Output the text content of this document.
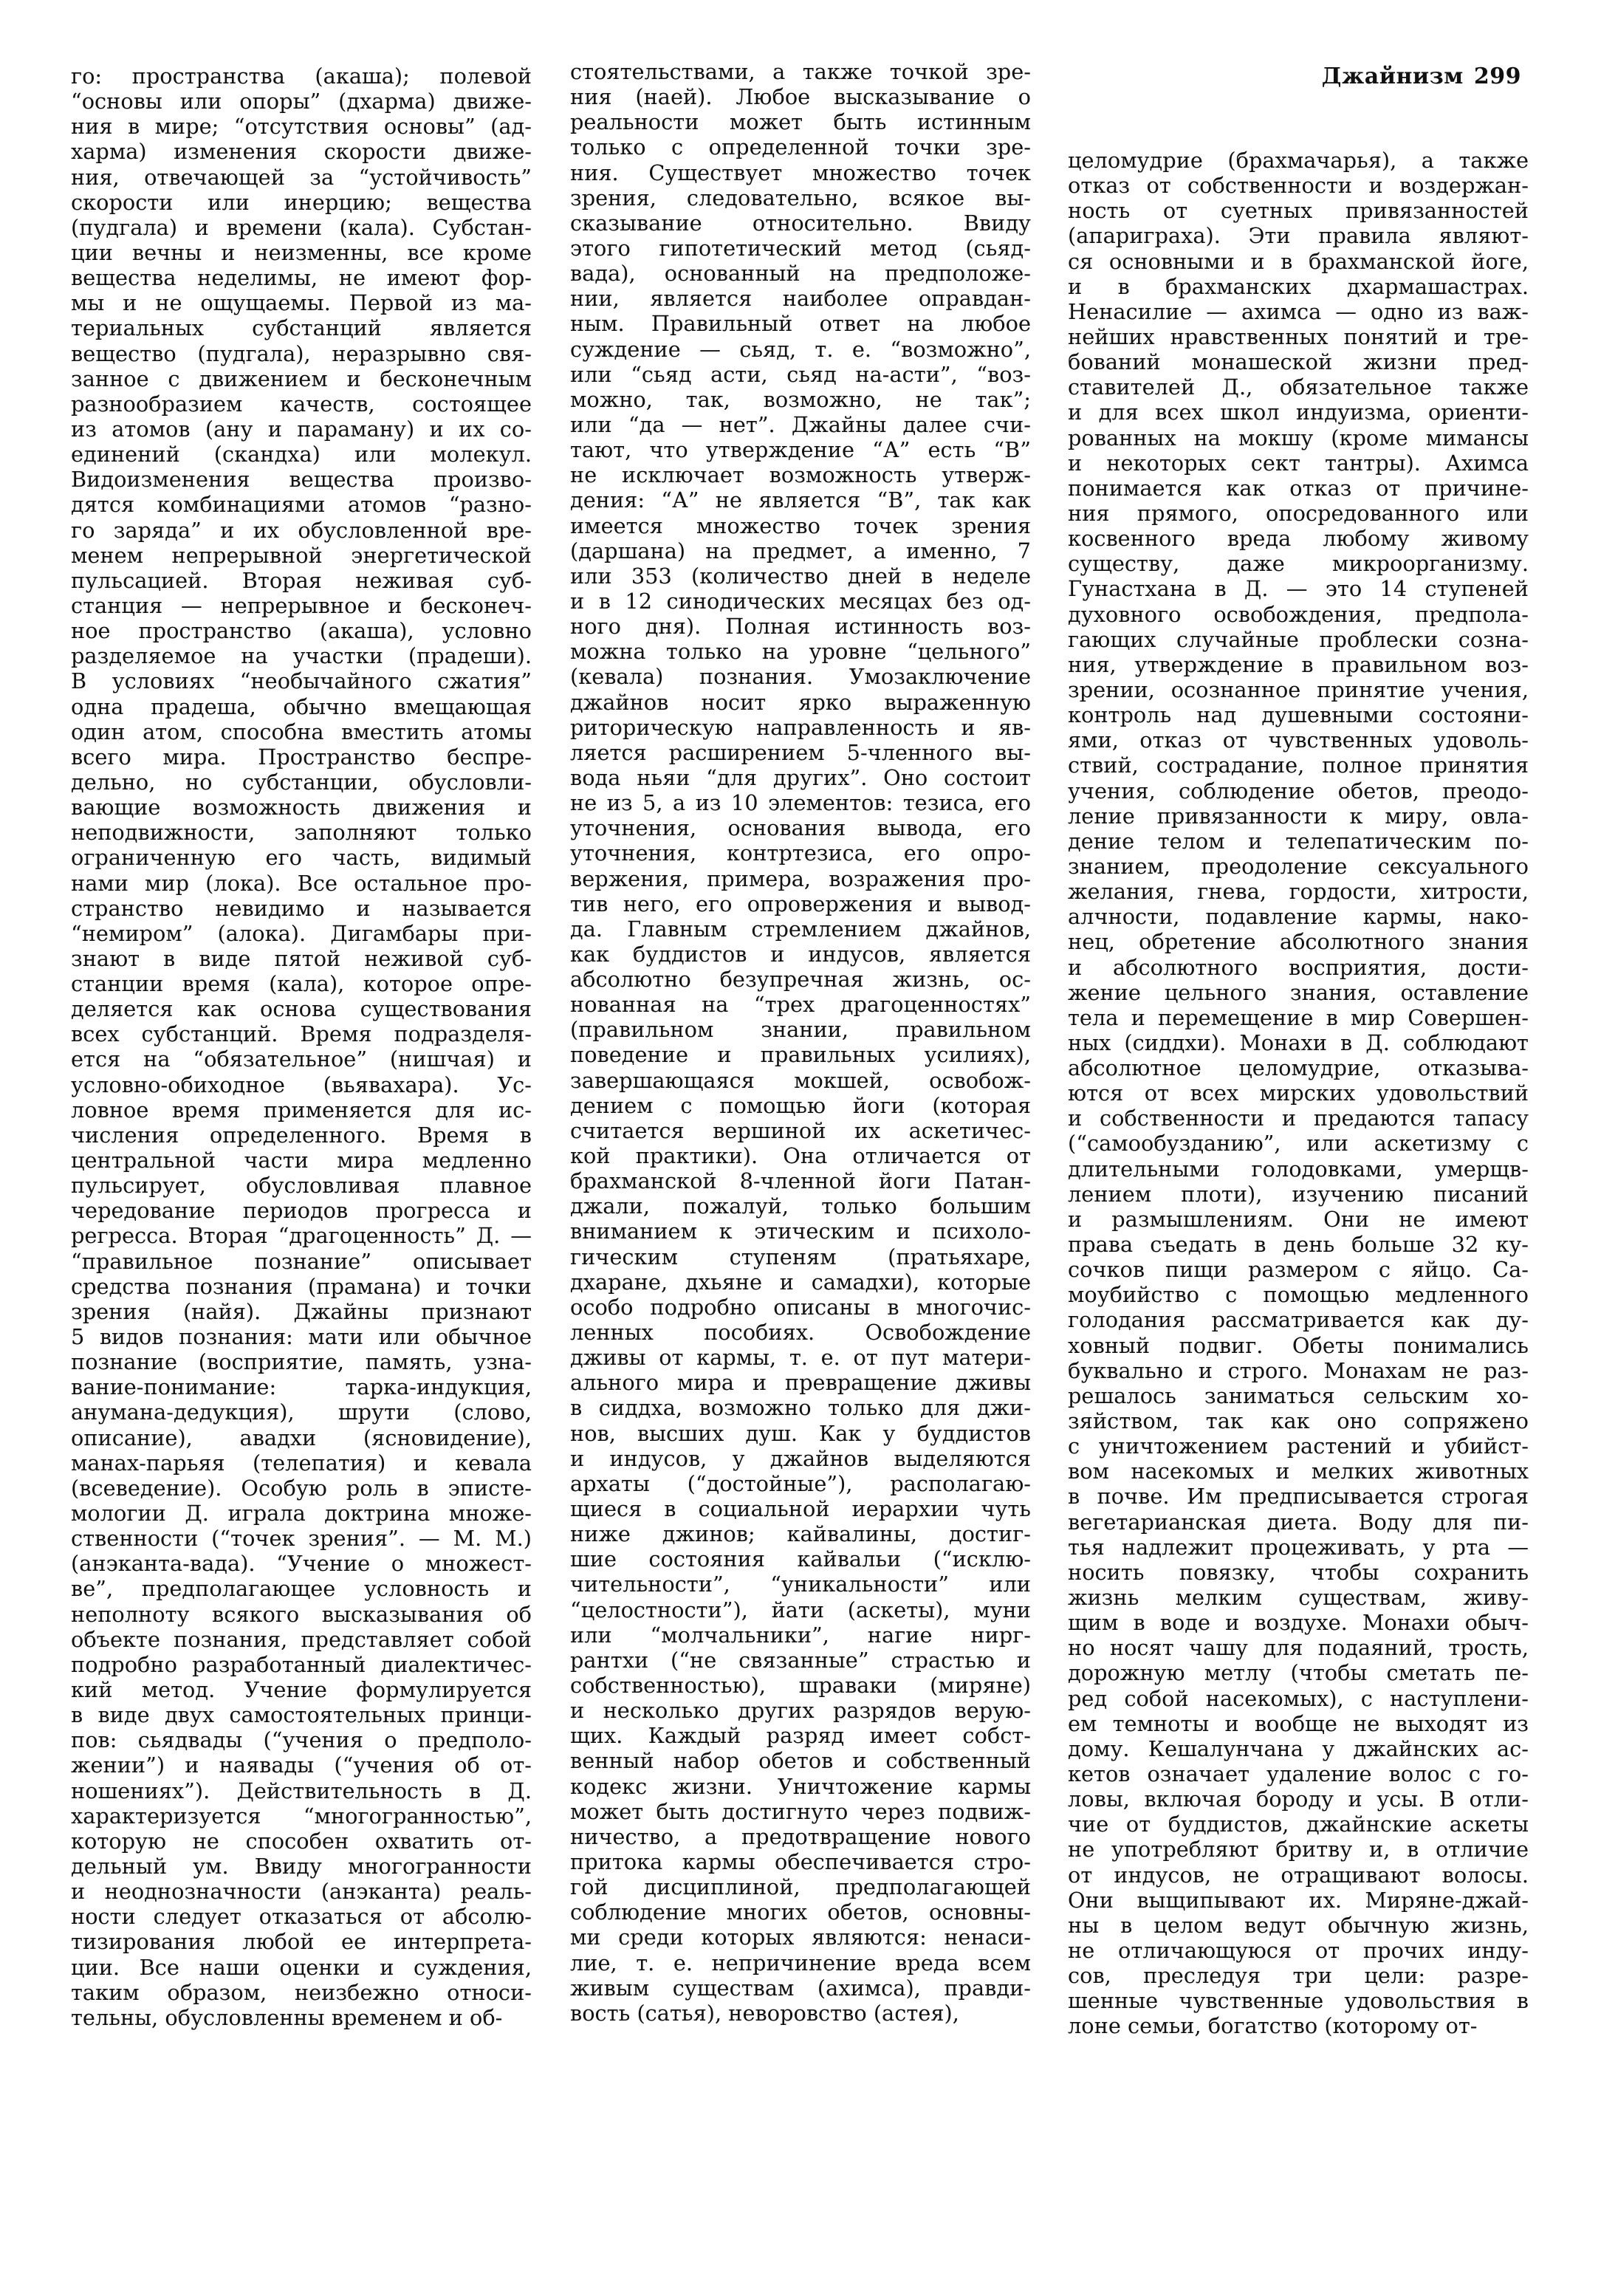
Джайнизм 299
го: пространства (акаша); полевой
“основы или опоры” (дхарма) движе-
ния в мире; “отсутствия основы” (ад-
харма) изменения скорости движе-
ния, отвечающей за “устойчивость”
скорости или инерцию; вещества
(пудгала) и времени (кала). Субстан-
ции вечны и неизменны, все кроме
вещества неделимы, не имеют фор-
мы и не ощущаемы. Первой из ма-
териальных субстанций является
вещество (пудгала), неразрывно свя-
занное с движением и бесконечным
разнообразием качеств, состоящее
из атомов (ану и параману) и их со-
единений (скандха) или молекул.
Видоизменения вещества произво-
дятся комбинациями атомов “разно-
го заряда” и их обусловленной вре-
менем непрерывной энергетической
пульсацией. Вторая неживая суб-
станция — непрерывное и бесконеч-
ное пространство (акаша), условно
разделяемое на участки (прадеши).
В условиях “необычайного сжатия”
одна прадеша, обычно вмещающая
один атом, способна вместить атомы
всего мира. Пространство беспре-
дельно, но субстанции, обусловли-
вающие возможность движения и
неподвижности, заполняют только
ограниченную его часть, видимый
нами мир (лока). Все остальное про-
странство невидимо и называется
“немиром” (алока). Дигамбары при-
знают в виде пятой неживой суб-
станции время (кала), которое опре-
деляется как основа существования
всех субстанций. Время подразделя-
ется на “обязательное” (нишчая) и
условно-обиходное (вьявахара). Ус-
ловное время применяется для ис-
числения определенного. Время в
центральной части мира медленно
пульсирует, обусловливая плавное
чередование периодов прогресса и
регресса. Вторая “драгоценность” Д. —
“правильное познание” описывает
средства познания (прамана) и точки
зрения (найя). Джайны признают
5 видов познания: мати или обычное
познание (восприятие, память, узна-
вание-понимание: тарка-индукция,
анумана-дедукция), шрути (слово,
описание), авадхи (ясновидение),
манах-парьяя (телепатия) и кевала
(всеведение). Особую роль в эписте-
мологии Д. играла доктрина множе-
ственности (“точек зрения”. — М. М.)
(анэканта-вада). “Учение о множест-
ве”, предполагающее условность и
неполноту всякого высказывания об
объекте познания, представляет собой
подробно разработанный диалектичес-
кий метод. Учение формулируется
в виде двух самостоятельных принци-
пов: сьядвады (“учения о предполо-
жении”) и наявады (“учения об от-
ношениях”). Действительность в Д.
характеризуется “многогранностью”,
которую не способен охватить от-
дельный ум. Ввиду многогранности
и неоднозначности (анэканта) реаль-
ности следует отказаться от абсолю-
тизирования любой ее интерпрета-
ции. Все наши оценки и суждения,
таким образом, неизбежно относи-
тельны, обусловленны временем и об-
стоятельствами, а также точкой зре-
ния (наей). Любое высказывание о
реальности может быть истинным
только с определенной точки зре-
ния. Существует множество точек
зрения, следовательно, всякое вы-
сказывание относительно. Ввиду
этого гипотетический метод (сьяд-
вада), основанный на предположе-
нии, является наиболее оправдан-
ным. Правильный ответ на любое
суждение — сьяд, т. е. “возможно”,
или “сьяд асти, сьяд на-асти”, “воз-
можно, так, возможно, не так”;
или “да — нет”. Джайны далее счи-
тают, что утверждение “А” есть “В”
не исключает возможность утверж-
дения: “А” не является “В”, так как
имеется множество точек зрения
(даршана) на предмет, а именно, 7
или 353 (количество дней в неделе
и в 12 синодических месяцах без од-
ного дня). Полная истинность воз-
можна только на уровне “цельного”
(кевала) познания. Умозаключение
джайнов носит ярко выраженную
риторическую направленность и яв-
ляется расширением 5-членного вы-
вода ньяи “для других”. Оно состоит
не из 5, а из 10 элементов: тезиса, его
уточнения, основания вывода, его
уточнения, контртезиса, его опро-
вержения, примера, возражения про-
тив него, его опровержения и вывод-
да. Главным стремлением джайнов,
как буддистов и индусов, является
абсолютно безупречная жизнь, ос-
нованная на “трех драгоценностях”
(правильном знании, правильном
поведение и правильных усилиях),
завершающаяся мокшей, освобож-
дением с помощью йоги (которая
считается вершиной их аскетичес-
кой практики). Она отличается от
брахманской 8-членной йоги Патан-
джали, пожалуй, только большим
вниманием к этическим и психоло-
гическим ступеням (пратьяхаре,
дхаране, дхьяне и самадхи), которые
особо подробно описаны в многочис-
ленных пособиях. Освобождение
дживы от кармы, т. е. от пут матери-
ального мира и превращение дживы
в сиддха, возможно только для джи-
нов, высших душ. Как у буддистов
и индусов, у джайнов выделяются
архаты (“достойные”), располагаю-
щиеся в социальной иерархии чуть
ниже джинов; кайвалины, достиг-
шие состояния кайвальи (“исклю-
чительности”, “уникальности” или
“целостности”), йати (аскеты), муни
или “молчальники”, нагие нирг-
рантхи (“не связанные” страстью и
собственностью), шраваки (миряне)
и несколько других разрядов верую-
щих. Каждый разряд имеет собст-
венный набор обетов и собственный
кодекс жизни. Уничтожение кармы
может быть достигнуто через подвиж-
ничество, а предотвращение нового
притока кармы обеспечивается стро-
гой дисциплиной, предполагающей
соблюдение многих обетов, основны-
ми среди которых являются: ненаси-
лие, т. е. непричинение вреда всем
живым существам (ахимса), правди-
вость (сатья), неворовство (астея),
целомудрие (брахмачарья), а также
отказ от собственности и воздержан-
ность от суетных привязанностей
(апариграха). Эти правила являют-
ся основными и в брахманской йоге,
и в брахманских дхармашастрах.
Ненасилие — ахимса — одно из важ-
нейших нравственных понятий и тре-
бований монашеской жизни пред-
ставителей Д., обязательное также
и для всех школ индуизма, ориенти-
рованных на мокшу (кроме миманcы
и некоторых сект тантры). Ахимса
понимается как отказ от причине-
ния прямого, опосредованного или
косвенного вреда любому живому
существу, даже микроорганизму.
Гунастхана в Д. — это 14 ступеней
духовного освобождения, предпола-
гающих случайные проблески созна-
ния, утверждение в правильном воз-
зрении, осознанное принятие учения,
контроль над душевными состояни-
ями, отказ от чувственных удоволь-
ствий, сострадание, полное принятия
учения, соблюдение обетов, преодо-
ление привязанности к миру, овла-
дение телом и телепатическим по-
знанием, преодоление сексуального
желания, гнева, гордости, хитрости,
алчности, подавление кармы, нако-
нец, обретение абсолютного знания
и абсолютного восприятия, дости-
жение цельного знания, оставление
тела и перемещение в мир Совершен-
ных (сиддхи). Монахи в Д. соблюдают
абсолютное целомудрие, отказыва-
ются от всех мирских удовольствий
и собственности и предаются тапасу
(“самообузданию”, или аскетизму с
длительными голодовками, умерщв-
лением плоти), изучению писаний
и размышлениям. Они не имеют
права съедать в день больше 32 ку-
сочков пищи размером с яйцо. Са-
моубийство с помощью медленного
голодания рассматривается как ду-
ховный подвиг. Обеты понимались
буквально и строго. Монахам не раз-
решалось заниматься сельским хо-
зяйством, так как оно сопряжено
с уничтожением растений и убийст-
вом насекомых и мелких животных
в почве. Им предписывается строгая
вегетарианская диета. Воду для пи-
тья надлежит процеживать, у рта —
носить повязку, чтобы сохранить
жизнь мелким существам, живу-
щим в воде и воздухе. Монахи обыч-
но носят чашу для подаяний, трость,
дорожную метлу (чтобы сметать пе-
ред собой насекомых), с наступлени-
ем темноты и вообще не выходят из
дому. Кешалунчана у джайнских ас-
кетов означает удаление волос с го-
ловы, включая бороду и усы. В отли-
чие от буддистов, джайнские аскеты
не употребляют бритву и, в отличие
от индусов, не отращивают волосы.
Они выщипывают их. Миряне-джай-
ны в целом ведут обычную жизнь,
не отличающуюся от прочих инду-
сов, преследуя три цели: разре-
шенные чувственные удовольствия в
лоне семьи, богатство (которому от-
